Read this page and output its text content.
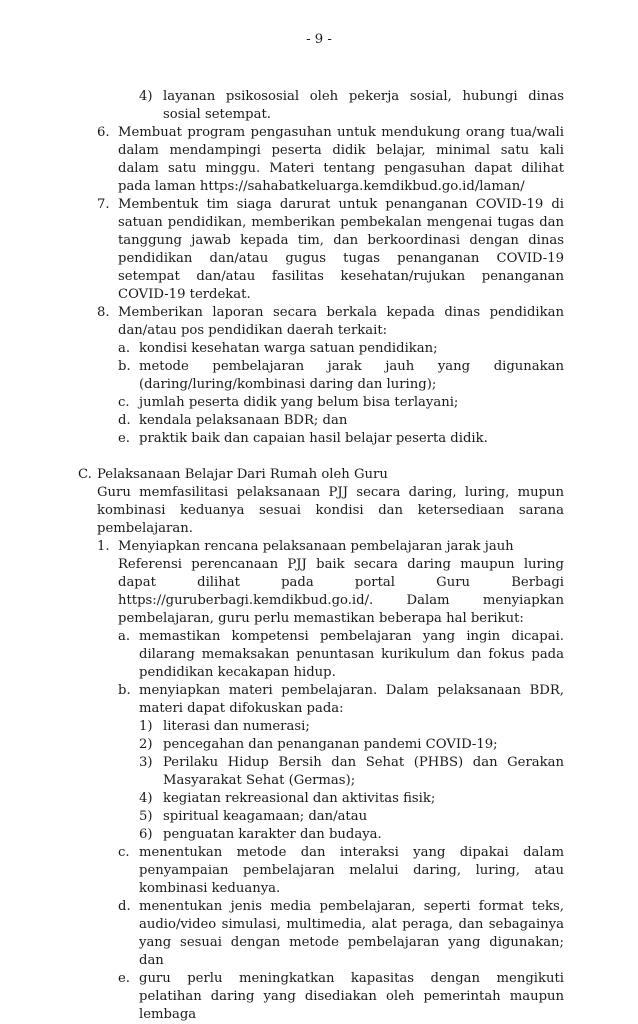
- 9 -
4) layanan psikososial oleh pekerja sosial, hubungi dinas sosial setempat.
6. Membuat program pengasuhan untuk mendukung orang tua/wali dalam mendampingi peserta didik belajar, minimal satu kali dalam satu minggu. Materi tentang pengasuhan dapat dilihat pada laman https://sahabatkeluarga.kemdikbud.go.id/laman/
7. Membentuk tim siaga darurat untuk penanganan COVID-19 di satuan pendidikan, memberikan pembekalan mengenai tugas dan tanggung jawab kepada tim, dan berkoordinasi dengan dinas pendidikan dan/atau gugus tugas penanganan COVID-19 setempat dan/atau fasilitas kesehatan/rujukan penanganan COVID-19 terdekat.
8. Memberikan laporan secara berkala kepada dinas pendidikan dan/atau pos pendidikan daerah terkait:
a. kondisi kesehatan warga satuan pendidikan;
b. metode pembelajaran jarak jauh yang digunakan (daring/luring/kombinasi daring dan luring);
c. jumlah peserta didik yang belum bisa terlayani;
d. kendala pelaksanaan BDR; dan
e. praktik baik dan capaian hasil belajar peserta didik.
C. Pelaksanaan Belajar Dari Rumah oleh Guru
Guru memfasilitasi pelaksanaan PJJ secara daring, luring, mupun kombinasi keduanya sesuai kondisi dan ketersediaan sarana pembelajaran.
1. Menyiapkan rencana pelaksanaan pembelajaran jarak jauh
Referensi perencanaan PJJ baik secara daring maupun luring dapat dilihat pada portal Guru Berbagi https://guruberbagi.kemdikbud.go.id/. Dalam menyiapkan pembelajaran, guru perlu memastikan beberapa hal berikut:
a. memastikan kompetensi pembelajaran yang ingin dicapai. dilarang memaksakan penuntasan kurikulum dan fokus pada pendidikan kecakapan hidup.
b. menyiapkan materi pembelajaran. Dalam pelaksanaan BDR, materi dapat difokuskan pada:
1) literasi dan numerasi;
2) pencegahan dan penanganan pandemi COVID-19;
3) Perilaku Hidup Bersih dan Sehat (PHBS) dan Gerakan Masyarakat Sehat (Germas);
4) kegiatan rekreasional dan aktivitas fisik;
5) spiritual keagamaan; dan/atau
6) penguatan karakter dan budaya.
c. menentukan metode dan interaksi yang dipakai dalam penyampaian pembelajaran melalui daring, luring, atau kombinasi keduanya.
d. menentukan jenis media pembelajaran, seperti format teks, audio/video simulasi, multimedia, alat peraga, dan sebagainya yang sesuai dengan metode pembelajaran yang digunakan; dan
e. guru perlu meningkatkan kapasitas dengan mengikuti pelatihan daring yang disediakan oleh pemerintah maupun lembaga
